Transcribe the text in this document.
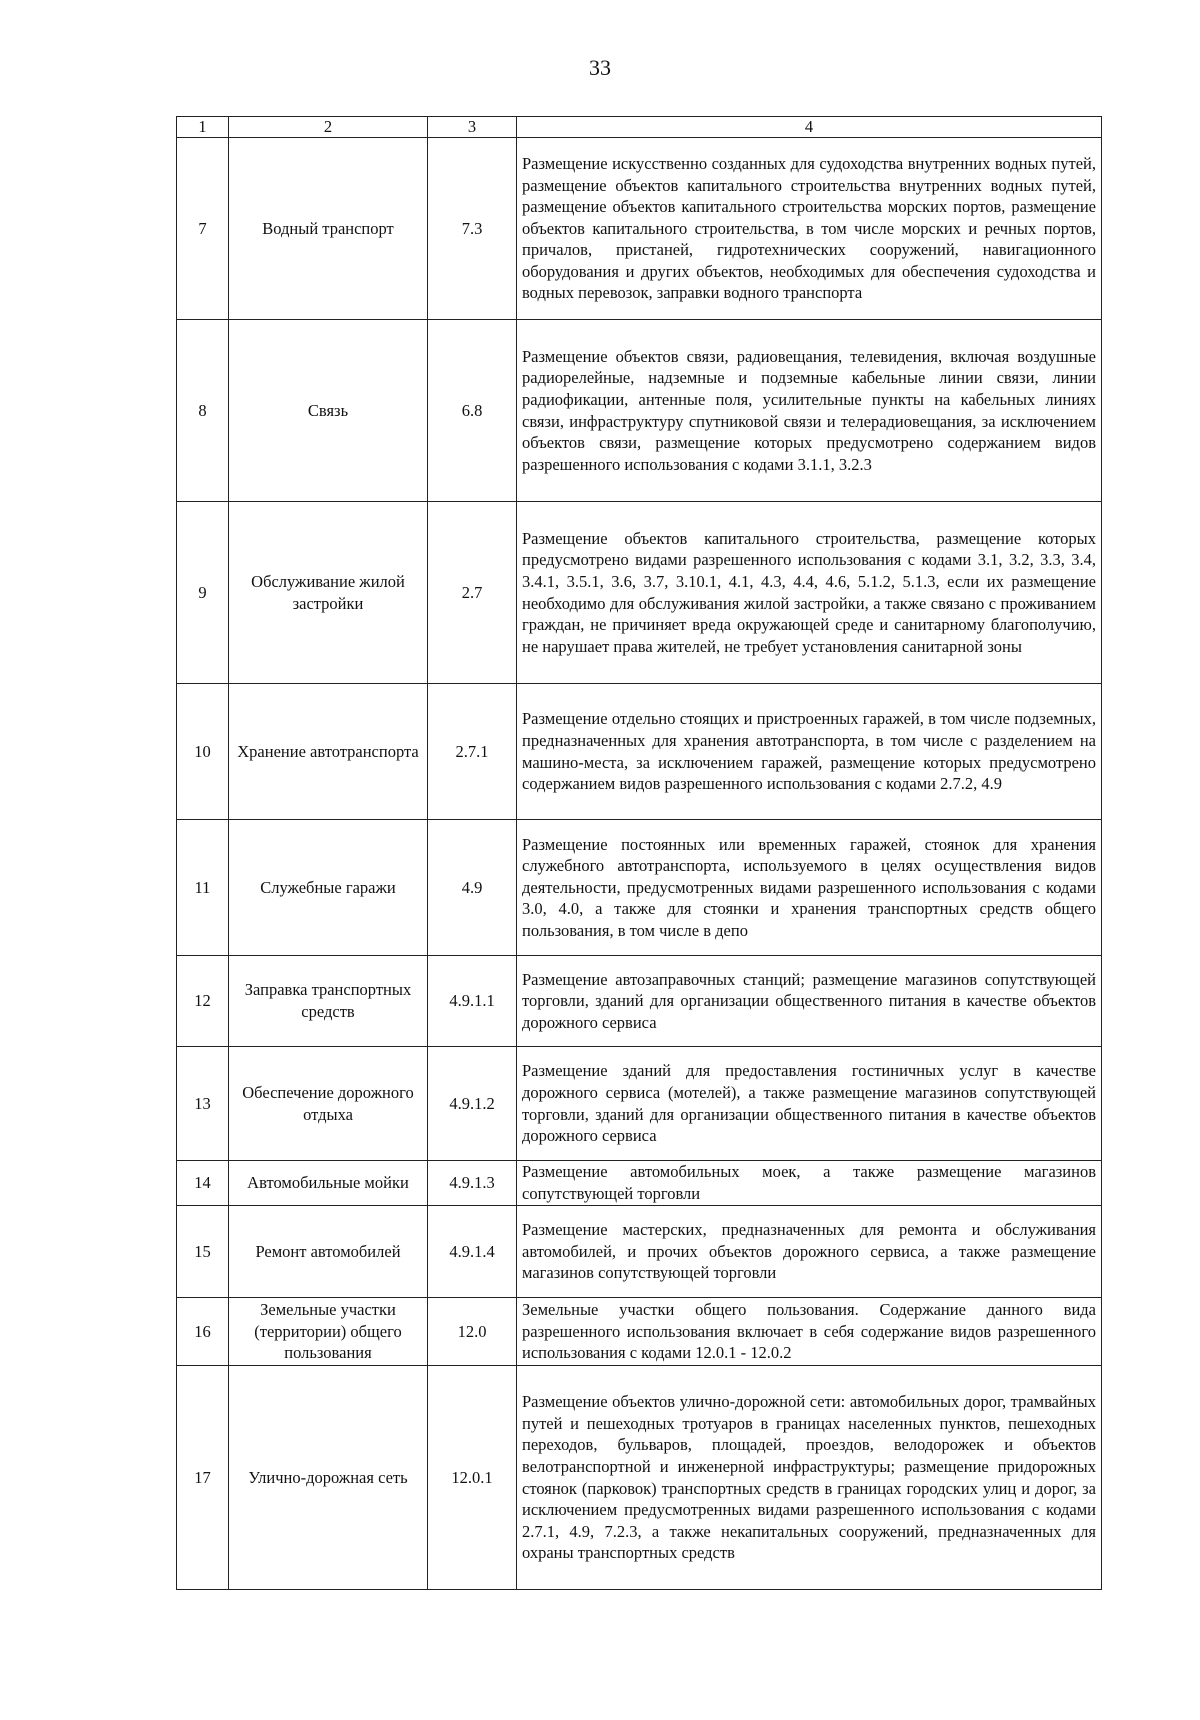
33
1	2	3	4
7	Водный транспорт	7.3	Размещение искусственно созданных для судоходства внутренних водных путей, размещение объектов капитального строительства внутренних водных путей, размещение объектов капитального строительства морских портов, размещение объектов капитального строительства, в том числе морских и речных портов, причалов, пристаней, гидротехнических сооружений, навигационного оборудования и других объектов, необходимых для обеспечения судоходства и водных перевозок, заправки водного транспорта
8	Связь	6.8	Размещение объектов связи, радиовещания, телевидения, включая воздушные радиорелейные, надземные и подземные кабельные линии связи, линии радиофикации, антенные поля, усилительные пункты на кабельных линиях связи, инфраструктуру спутниковой связи и телерадиовещания, за исключением объектов связи, размещение которых предусмотрено содержанием видов разрешенного использования с кодами 3.1.1, 3.2.3
9	Обслуживание жилой застройки	2.7	Размещение объектов капитального строительства, размещение которых предусмотрено видами разрешенного использования с кодами 3.1, 3.2, 3.3, 3.4, 3.4.1, 3.5.1, 3.6, 3.7, 3.10.1, 4.1, 4.3, 4.4, 4.6, 5.1.2, 5.1.3, если их размещение необходимо для обслуживания жилой застройки, а также связано с проживанием граждан, не причиняет вреда окружающей среде и санитарному благополучию, не нарушает права жителей, не требует установления санитарной зоны
10	Хранение автотранспорта	2.7.1	Размещение отдельно стоящих и пристроенных гаражей, в том числе подземных, предназначенных для хранения автотранспорта, в том числе с разделением на машино-места, за исключением гаражей, размещение которых предусмотрено содержанием видов разрешенного использования с кодами 2.7.2, 4.9
11	Служебные гаражи	4.9	Размещение постоянных или временных гаражей, стоянок для хранения служебного автотранспорта, используемого в целях осуществления видов деятельности, предусмотренных видами разрешенного использования с кодами 3.0, 4.0, а также для стоянки и хранения транспортных средств общего пользования, в том числе в депо
12	Заправка транспортных средств	4.9.1.1	Размещение автозаправочных станций; размещение магазинов сопутствующей торговли, зданий для организации общественного питания в качестве объектов дорожного сервиса
13	Обеспечение дорожного отдыха	4.9.1.2	Размещение зданий для предоставления гостиничных услуг в качестве дорожного сервиса (мотелей), а также размещение магазинов сопутствующей торговли, зданий для организации общественного питания в качестве объектов дорожного сервиса
14	Автомобильные мойки	4.9.1.3	Размещение автомобильных моек, а также размещение магазинов сопутствующей торговли
15	Ремонт автомобилей	4.9.1.4	Размещение мастерских, предназначенных для ремонта и обслуживания автомобилей, и прочих объектов дорожного сервиса, а также размещение магазинов сопутствующей торговли
16	Земельные участки (территории) общего пользования	12.0	Земельные участки общего пользования. Содержание данного вида разрешенного использования включает в себя содержание видов разрешенного использования с кодами 12.0.1 - 12.0.2
17	Улично-дорожная сеть	12.0.1	Размещение объектов улично-дорожной сети: автомобильных дорог, трамвайных путей и пешеходных тротуаров в границах населенных пунктов, пешеходных переходов, бульваров, площадей, проездов, велодорожек и объектов велотранспортной и инженерной инфраструктуры; размещение придорожных стоянок (парковок) транспортных средств в границах городских улиц и дорог, за исключением предусмотренных видами разрешенного использования с кодами 2.7.1, 4.9, 7.2.3, а также некапитальных сооружений, предназначенных для охраны транспортных средств
